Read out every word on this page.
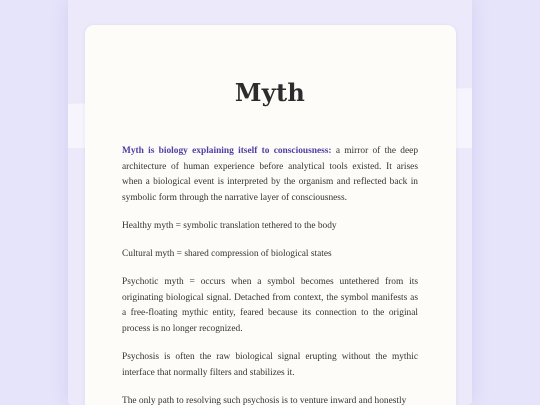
Myth

Myth is biology explaining itself to consciousness: a mirror of the deep architecture of human experience before analytical tools existed. It arises when a biological event is interpreted by the organism and reflected back in symbolic form through the narrative layer of consciousness.

Healthy myth = symbolic translation tethered to the body

Cultural myth = shared compression of biological states

Psychotic myth = occurs when a symbol becomes untethered from its originating biological signal. Detached from context, the symbol manifests as a free-floating mythic entity, feared because its connection to the original process is no longer recognized.

Psychosis is often the raw biological signal erupting without the mythic interface that normally filters and stabilizes it.

The only path to resolving such psychosis is to venture inward and honestly
